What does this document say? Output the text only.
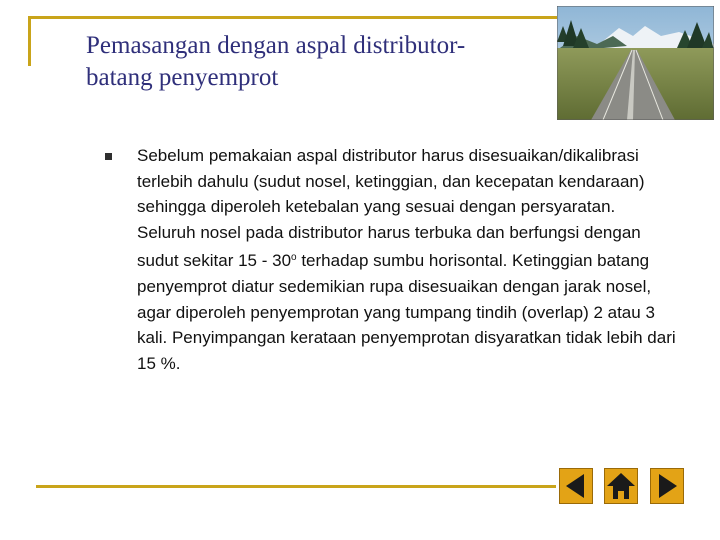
Pemasangan dengan aspal distributor-
batang penyemprot

Sebelum pemakaian aspal distributor harus disesuaikan/dikalibrasi terlebih dahulu (sudut nosel, ketinggian, dan kecepatan kendaraan) sehingga diperoleh ketebalan yang sesuai dengan persyaratan. Seluruh nosel pada distributor harus terbuka dan berfungsi dengan sudut sekitar 15 - 30$^o$ terhadap sumbu horisontal. Ketinggian batang penyemprot diatur sedemikian rupa disesuaikan dengan jarak nosel, agar diperoleh penyemprotan yang tumpang tindih (overlap) 2 atau 3 kali. Penyimpangan kerataan penyemprotan disyaratkan tidak lebih dari 15 %.
